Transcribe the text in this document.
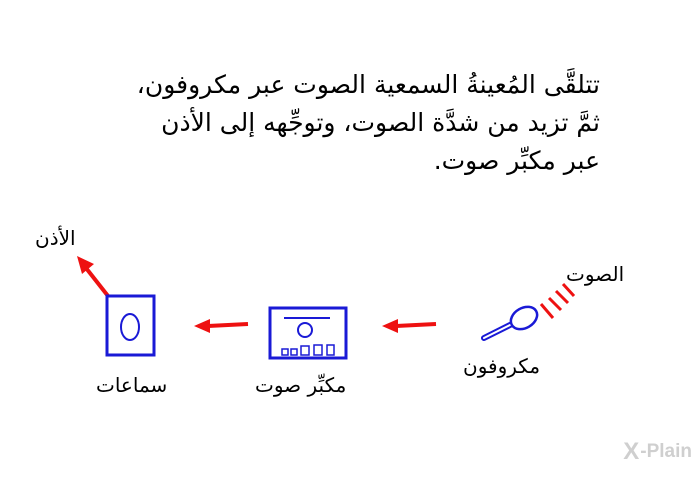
تتلقَّى المُعينةُ السمعية الصوت عبر مكروفون،
ثمَّ تزيد من شدَّة الصوت، وتوجِّهه إلى الأذن
عبر مكبِّر صوت.
الأذن
الصوت
مكروفون
مكبِّر صوت
سماعات
X -Plain
